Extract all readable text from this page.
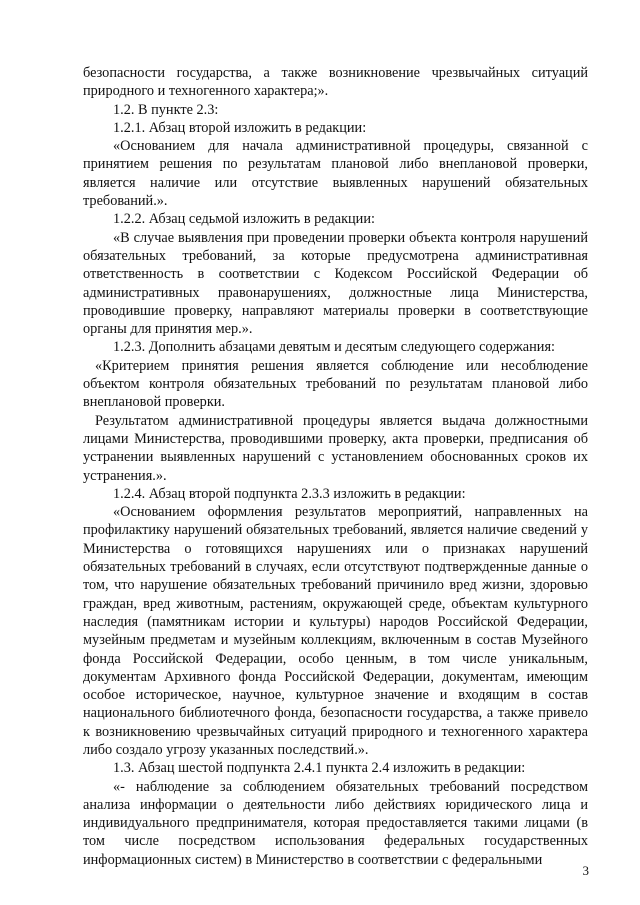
безопасности государства, а также возникновение чрезвычайных ситуаций природного и техногенного характера;».

1.2. В пункте 2.3:

1.2.1. Абзац второй изложить в редакции:

«Основанием для начала административной процедуры, связанной с принятием решения по результатам плановой либо внеплановой проверки, является наличие или отсутствие выявленных нарушений обязательных требований.».

1.2.2. Абзац седьмой изложить в редакции:

«В случае выявления при проведении проверки объекта контроля нарушений обязательных требований, за которые предусмотрена административная ответственность в соответствии с Кодексом Российской Федерации об административных правонарушениях, должностные лица Министерства, проводившие проверку, направляют материалы проверки в соответствующие органы для принятия мер.».

1.2.3. Дополнить абзацами девятым и десятым следующего содержания:

«Критерием принятия решения является соблюдение или несоблюдение объектом контроля обязательных требований по результатам плановой либо внеплановой проверки.

Результатом административной процедуры является выдача должностными лицами Министерства, проводившими проверку, акта проверки, предписания об устранении выявленных нарушений с установлением обоснованных сроков их устранения.».

1.2.4. Абзац второй подпункта 2.3.3 изложить в редакции:

«Основанием оформления результатов мероприятий, направленных на профилактику нарушений обязательных требований, является наличие сведений у Министерства о готовящихся нарушениях или о признаках нарушений обязательных требований в случаях, если отсутствуют подтвержденные данные о том, что нарушение обязательных требований причинило вред жизни, здоровью граждан, вред животным, растениям, окружающей среде, объектам культурного наследия (памятникам истории и культуры) народов Российской Федерации, музейным предметам и музейным коллекциям, включенным в состав Музейного фонда Российской Федерации, особо ценным, в том числе уникальным, документам Архивного фонда Российской Федерации, документам, имеющим особое историческое, научное, культурное значение и входящим в состав национального библиотечного фонда, безопасности государства, а также привело к возникновению чрезвычайных ситуаций природного и техногенного характера либо создало угрозу указанных последствий.».

1.3. Абзац шестой подпункта 2.4.1 пункта 2.4 изложить в редакции:

«- наблюдение за соблюдением обязательных требований посредством анализа информации о деятельности либо действиях юридического лица и индивидуального предпринимателя, которая предоставляется такими лицами (в том числе посредством использования федеральных государственных информационных систем) в Министерство в соответствии с федеральными

3
